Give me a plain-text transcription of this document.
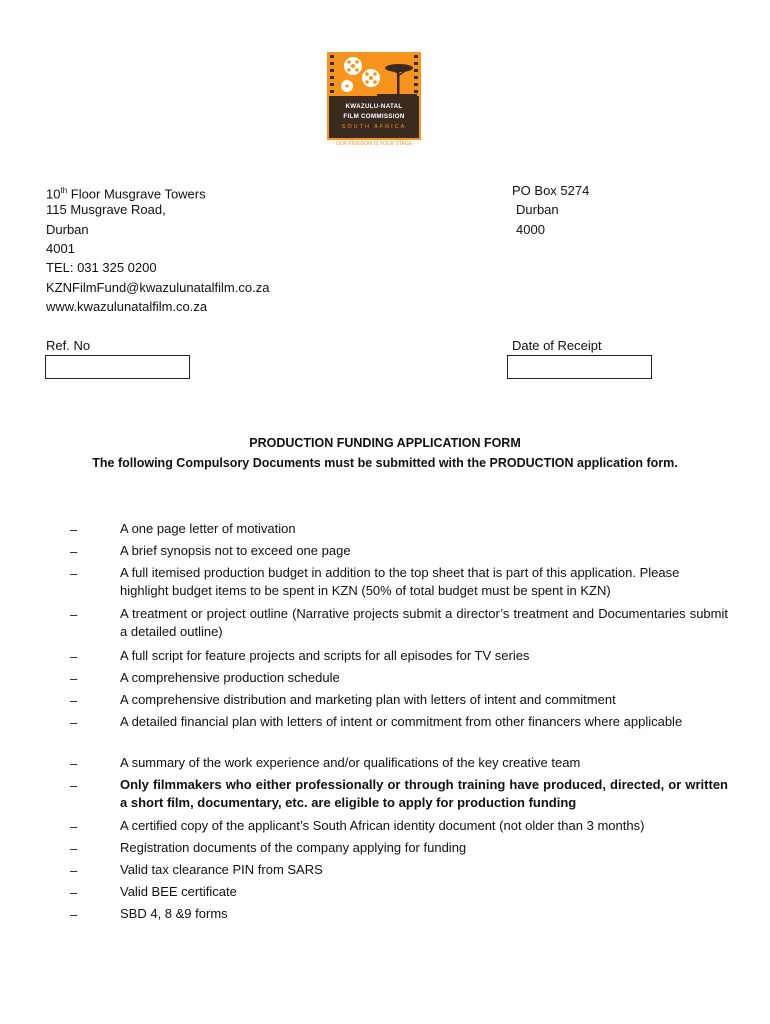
KWAZULU-NATAL
FILM COMMISSION
SOUTH AFRICA
- OUR KINGDOM IS YOUR STAGE -
10th Floor Musgrave Towers
115 Musgrave Road,
Durban
4001
TEL: 031 325 0200
KZNFilmFund@kwazulunatalfilm.co.za
www.kwazulunatalfilm.co.za
PO Box 5274
Durban
4000
Ref. No	Date of Receipt
PRODUCTION FUNDING APPLICATION FORM
The following Compulsory Documents must be submitted with the PRODUCTION application form.
–	A one page letter of motivation
–	A brief synopsis not to exceed one page
–	A full itemised production budget in addition to the top sheet that is part of this application. Please highlight budget items to be spent in KZN (50% of total budget must be spent in KZN)
–	A treatment or project outline (Narrative projects submit a director’s treatment and Documentaries submit a detailed outline)
–	A full script for feature projects and scripts for all episodes for TV series
–	A comprehensive production schedule
–	A comprehensive distribution and marketing plan with letters of intent and commitment
–	A detailed financial plan with letters of intent or commitment from other financers where applicable
–	A summary of the work experience and/or qualifications of the key creative team
–	Only filmmakers who either professionally or through training have produced, directed, or written a short film, documentary, etc. are eligible to apply for production funding
–	A certified copy of the applicant’s South African identity document (not older than 3 months)
–	Registration documents of the company applying for funding
–	Valid tax clearance PIN from SARS
–	Valid BEE certificate
–	SBD 4, 8 &9 forms
